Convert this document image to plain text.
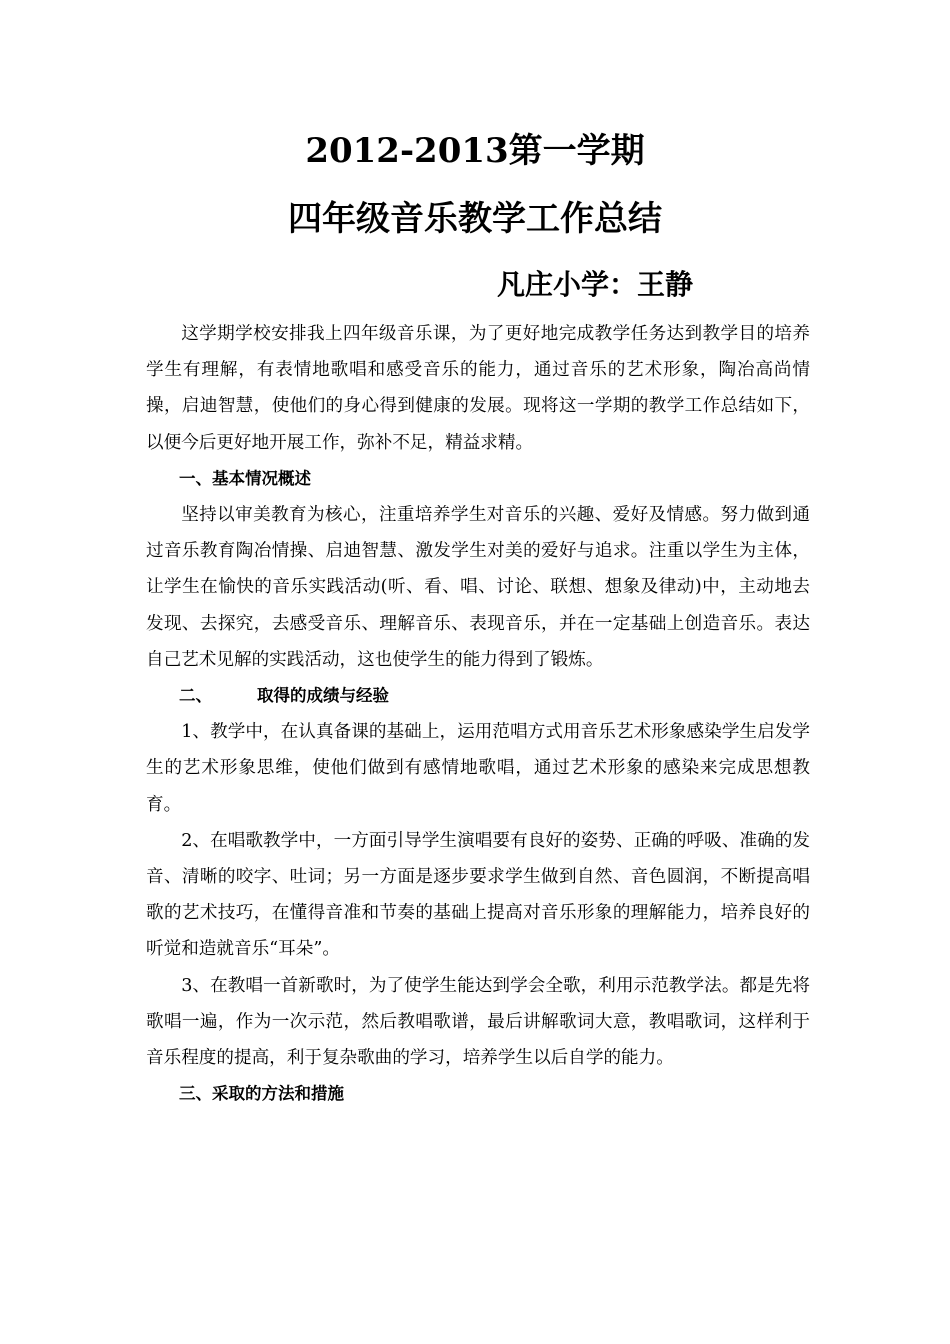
2012-2013第一学期
四年级音乐教学工作总结
凡庄小学：王静

这学期学校安排我上四年级音乐课，为了更好地完成教学任务达到教学目的培养学生有理解，有表情地歌唱和感受音乐的能力，通过音乐的艺术形象，陶冶高尚情操，启迪智慧，使他们的身心得到健康的发展。现将这一学期的教学工作总结如下，以便今后更好地开展工作，弥补不足，精益求精。

一、基本情况概述

坚持以审美教育为核心，注重培养学生对音乐的兴趣、爱好及情感。努力做到通过音乐教育陶冶情操、启迪智慧、激发学生对美的爱好与追求。注重以学生为主体，让学生在愉快的音乐实践活动(听、看、唱、讨论、联想、想象及律动)中，主动地去发现、去探究，去感受音乐、理解音乐、表现音乐，并在一定基础上创造音乐。表达自己艺术见解的实践活动，这也使学生的能力得到了锻炼。

二、	取得的成绩与经验

1、教学中，在认真备课的基础上，运用范唱方式用音乐艺术形象感染学生启发学生的艺术形象思维，使他们做到有感情地歌唱，通过艺术形象的感染来完成思想教育。

2、在唱歌教学中，一方面引导学生演唱要有良好的姿势、正确的呼吸、准确的发音、清晰的咬字、吐词；另一方面是逐步要求学生做到自然、音色圆润，不断提高唱歌的艺术技巧，在懂得音准和节奏的基础上提高对音乐形象的理解能力，培养良好的听觉和造就音乐“耳朵”。

3、在教唱一首新歌时，为了使学生能达到学会全歌，利用示范教学法。都是先将歌唱一遍，作为一次示范，然后教唱歌谱，最后讲解歌词大意，教唱歌词，这样利于音乐程度的提高，利于复杂歌曲的学习，培养学生以后自学的能力。

三、采取的方法和措施
